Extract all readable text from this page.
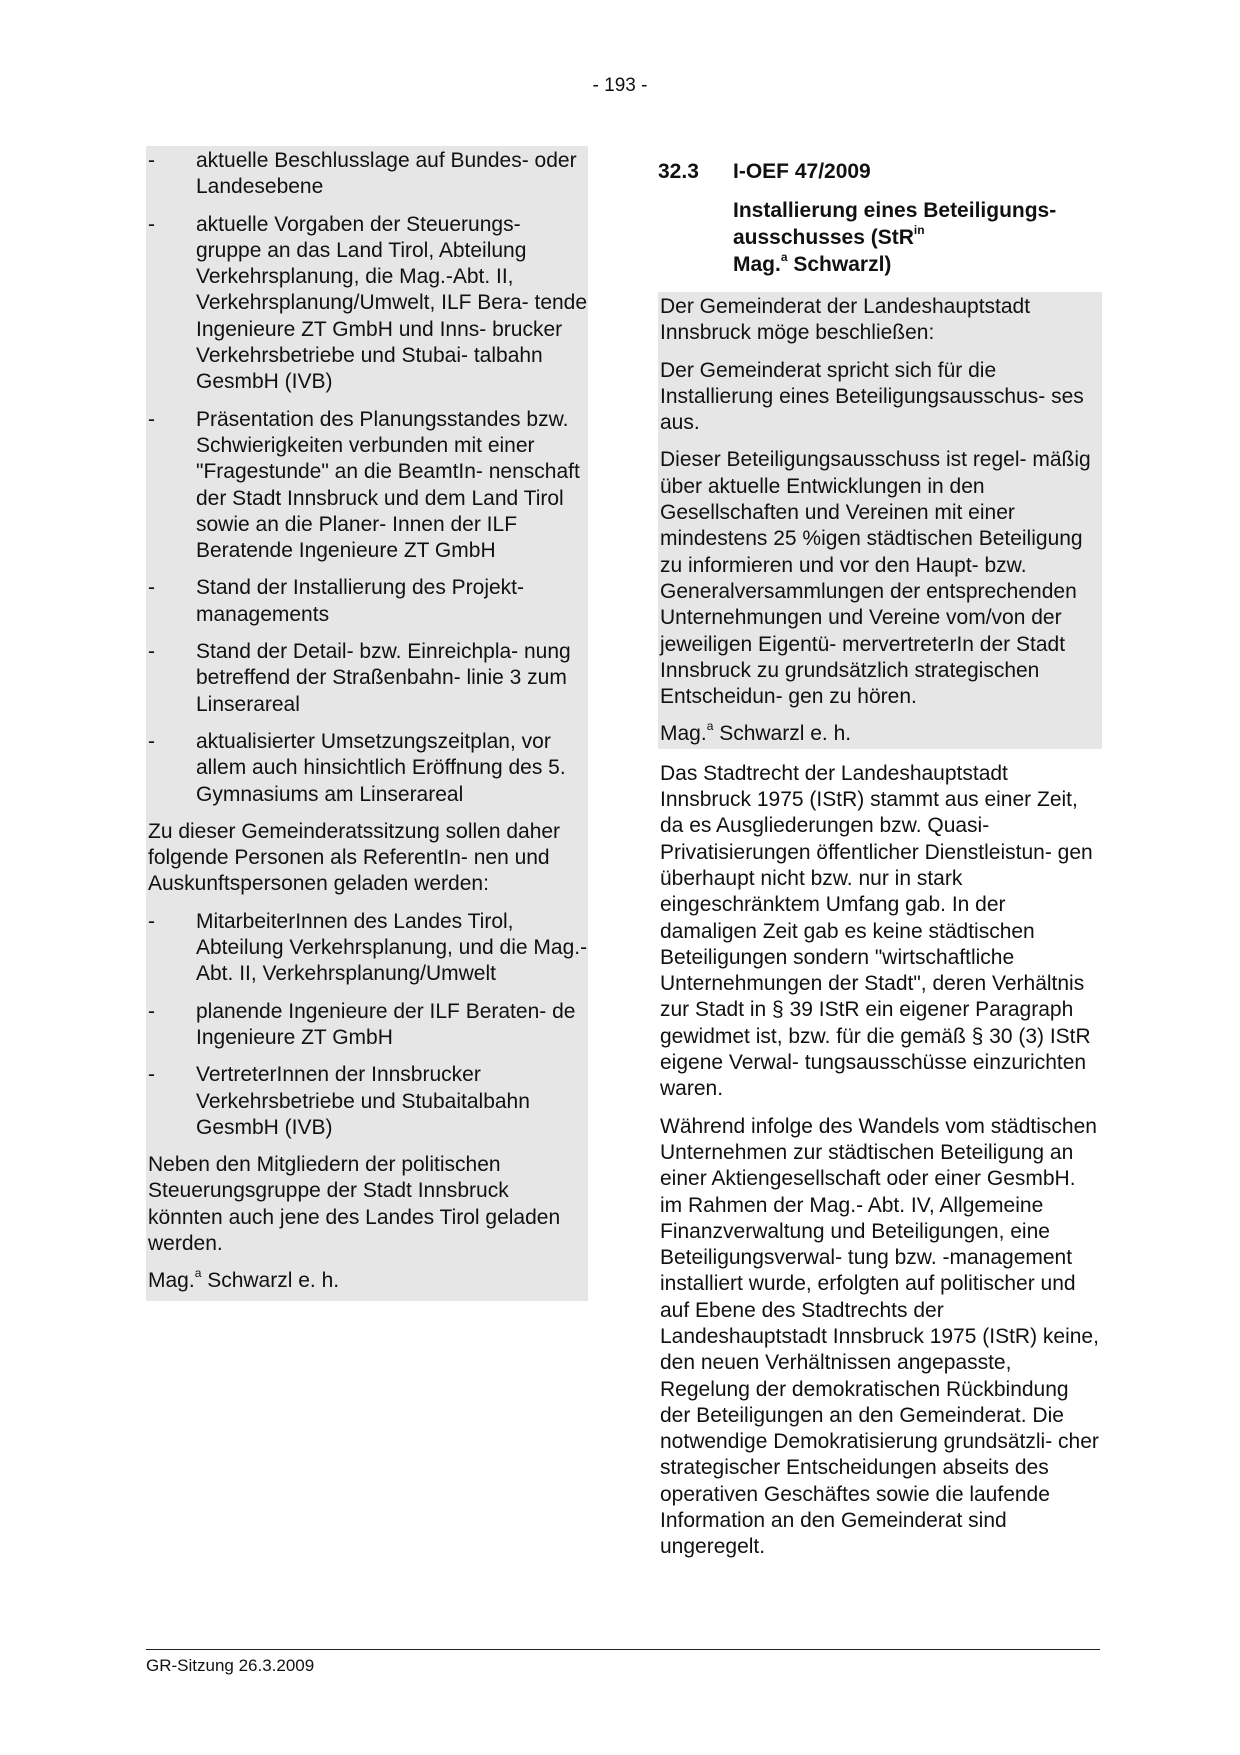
- 193 -
-	aktuelle Beschlusslage auf Bundes- oder Landesebene
-	aktuelle Vorgaben der Steuerungs- gruppe an das Land Tirol, Abteilung Verkehrsplanung, die Mag.-Abt. II, Verkehrsplanung/Umwelt, ILF Bera- tende Ingenieure ZT GmbH und Inns- brucker Verkehrsbetriebe und Stubai- talbahn GesmbH (IVB)
-	Präsentation des Planungsstandes bzw. Schwierigkeiten verbunden mit einer "Fragestunde" an die BeamtIn- nenschaft der Stadt Innsbruck und dem Land Tirol sowie an die Planer- Innen der ILF Beratende Ingenieure ZT GmbH
-	Stand der Installierung des Projekt- managements
-	Stand der Detail- bzw. Einreichpla- nung betreffend der Straßenbahn- linie 3 zum Linserareal
-	aktualisierter Umsetzungszeitplan, vor allem auch hinsichtlich Eröffnung des 5. Gymnasiums am Linserareal

Zu dieser Gemeinderatssitzung sollen daher folgende Personen als ReferentIn- nen und Auskunftspersonen geladen werden:

-	MitarbeiterInnen des Landes Tirol, Abteilung Verkehrsplanung, und die Mag.-Abt. II, Verkehrsplanung/Umwelt
-	planende Ingenieure der ILF Beraten- de Ingenieure ZT GmbH
-	VertreterInnen der Innsbrucker Verkehrsbetriebe und Stubaitalbahn GesmbH (IVB)

Neben den Mitgliedern der politischen Steuerungsgruppe der Stadt Innsbruck könnten auch jene des Landes Tirol geladen werden.

Mag.$^a$ Schwarzl e. h.

32.3	I-OEF 47/2009
Installierung eines Beteiligungs-
ausschusses (StR$^{in}$
Mag.$^a$ Schwarzl)

Der Gemeinderat der Landeshauptstadt Innsbruck möge beschließen:

Der Gemeinderat spricht sich für die Installierung eines Beteiligungsausschus- ses aus.

Dieser Beteiligungsausschuss ist regel- mäßig über aktuelle Entwicklungen in den Gesellschaften und Vereinen mit einer mindestens 25 %igen städtischen Beteiligung zu informieren und vor den Haupt- bzw. Generalversammlungen der entsprechenden Unternehmungen und Vereine vom/von der jeweiligen Eigentü- mervertreterIn der Stadt Innsbruck zu grundsätzlich strategischen Entscheidun- gen zu hören.

Mag.$^a$ Schwarzl e. h.

Das Stadtrecht der Landeshauptstadt Innsbruck 1975 (IStR) stammt aus einer Zeit, da es Ausgliederungen bzw. Quasi- Privatisierungen öffentlicher Dienstleistun- gen überhaupt nicht bzw. nur in stark eingeschränktem Umfang gab. In der damaligen Zeit gab es keine städtischen Beteiligungen sondern "wirtschaftliche Unternehmungen der Stadt", deren Verhältnis zur Stadt in § 39 IStR ein eigener Paragraph gewidmet ist, bzw. für die gemäß § 30 (3) IStR eigene Verwal- tungsausschüsse einzurichten waren.

Während infolge des Wandels vom städtischen Unternehmen zur städtischen Beteiligung an einer Aktiengesellschaft oder einer GesmbH. im Rahmen der Mag.- Abt. IV, Allgemeine Finanzverwaltung und Beteiligungen, eine Beteiligungsverwal- tung bzw. -management installiert wurde, erfolgten auf politischer und auf Ebene des Stadtrechts der Landeshauptstadt Innsbruck 1975 (IStR) keine, den neuen Verhältnissen angepasste, Regelung der demokratischen Rückbindung der Beteiligungen an den Gemeinderat. Die notwendige Demokratisierung grundsätzli- cher strategischer Entscheidungen abseits des operativen Geschäftes sowie die laufende Information an den Gemeinderat sind ungeregelt.

GR-Sitzung 26.3.2009
